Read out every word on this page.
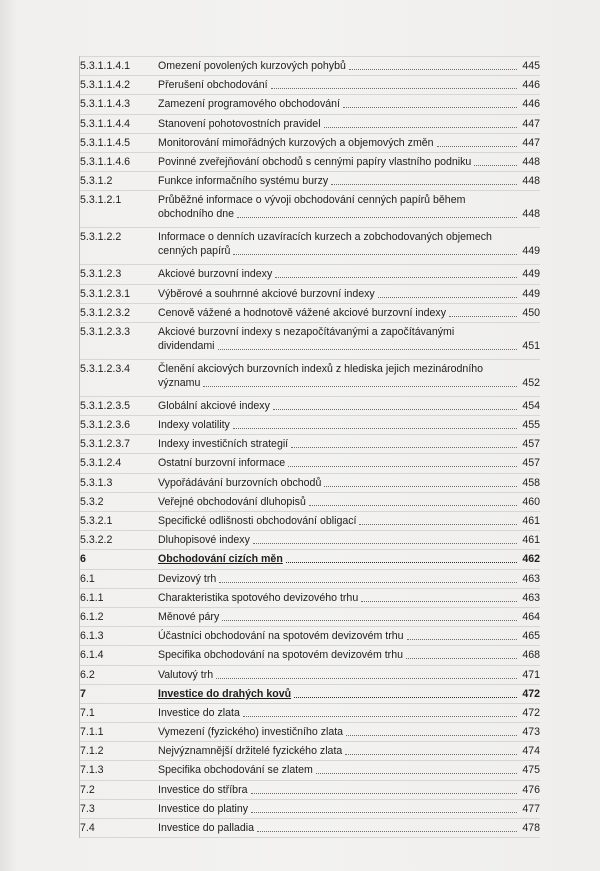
5.3.1.1.4.1	Omezení povolených kurzových pohybů	445
5.3.1.1.4.2	Přerušení obchodování	446
5.3.1.1.4.3	Zamezení programového obchodování	446
5.3.1.1.4.4	Stanovení pohotovostních pravidel	447
5.3.1.1.4.5	Monitorování mimořádných kurzových a objemových změn	447
5.3.1.1.4.6	Povinné zveřejňování obchodů s cennými papíry vlastního podniku	448
5.3.1.2	Funkce informačního systému burzy	448
5.3.1.2.1	Průběžné informace o vývoji obchodování cenných papírů během
obchodního dne	448
5.3.1.2.2	Informace o denních uzavíracích kurzech a zobchodovaných objemech
cenných papírů	449
5.3.1.2.3	Akciové burzovní indexy	449
5.3.1.2.3.1	Výběrové a souhrnné akciové burzovní indexy	449
5.3.1.2.3.2	Cenově vážené a hodnotově vážené akciové burzovní indexy	450
5.3.1.2.3.3	Akciové burzovní indexy s nezapočítávanými a započítávanými
dividendami	451
5.3.1.2.3.4	Členění akciových burzovních indexů z hlediska jejich mezinárodního
významu	452
5.3.1.2.3.5	Globální akciové indexy	454
5.3.1.2.3.6	Indexy volatility	455
5.3.1.2.3.7	Indexy investičních strategií	457
5.3.1.2.4	Ostatní burzovní informace	457
5.3.1.3	Vypořádávání burzovních obchodů	458
5.3.2	Veřejné obchodování dluhopisů	460
5.3.2.1	Specifické odlišnosti obchodování obligací	461
5.3.2.2	Dluhopisové indexy	461
6	Obchodování cizích měn	462
6.1	Devizový trh	463
6.1.1	Charakteristika spotového devizového trhu	463
6.1.2	Měnové páry	464
6.1.3	Účastníci obchodování na spotovém devizovém trhu	465
6.1.4	Specifika obchodování na spotovém devizovém trhu	468
6.2	Valutový trh	471
7	Investice do drahých kovů	472
7.1	Investice do zlata	472
7.1.1	Vymezení (fyzického) investičního zlata	473
7.1.2	Nejvýznamnější držitelé fyzického zlata	474
7.1.3	Specifika obchodování se zlatem	475
7.2	Investice do stříbra	476
7.3	Investice do platiny	477
7.4	Investice do palladia	478
